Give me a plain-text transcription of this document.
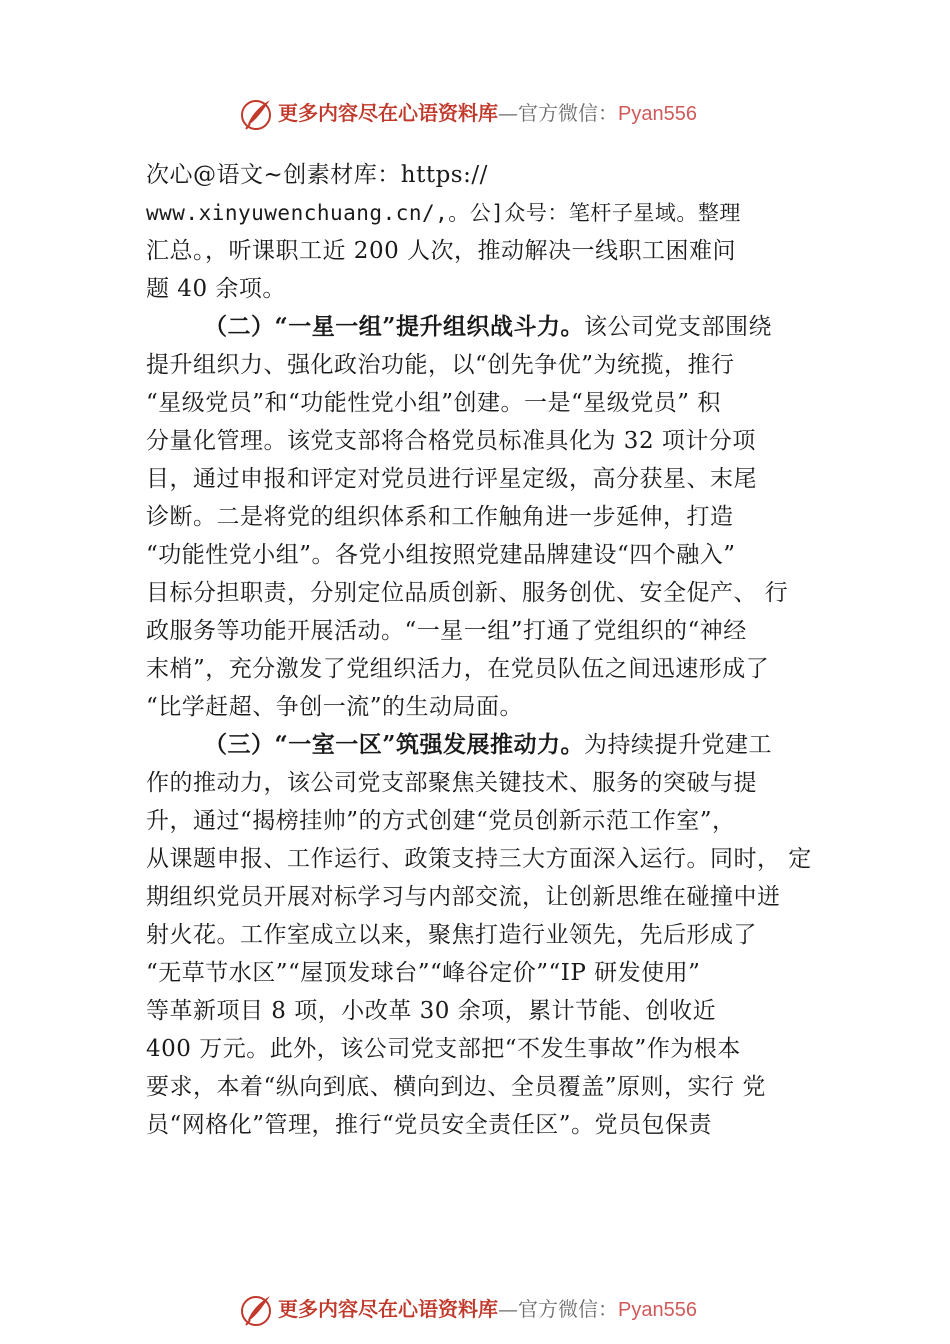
更多内容尽在心语资料库—官方微信：Pyan556
次心@语文~创素材库：https://
www.xinyuwenchuang.cn/,。公]众号：笔杆子星域。整理
汇总。，听课职工近 200 人次，推动解决一线职工困难问
题 40 余项。
（二）“一星一组”提升组织战斗力。该公司党支部围绕
提升组织力、强化政治功能，以“创先争优”为统揽，推行
“星级党员”和“功能性党小组”创建。一是“星级党员” 积
分量化管理。该党支部将合格党员标准具化为 32 项计分项
目，通过申报和评定对党员进行评星定级，高分获星、末尾
诊断。二是将党的组织体系和工作触角进一步延伸，打造
“功能性党小组”。各党小组按照党建品牌建设“四个融入”
目标分担职责，分别定位品质创新、服务创优、安全促产、 行
政服务等功能开展活动。“一星一组”打通了党组织的“神经
末梢”，充分激发了党组织活力，在党员队伍之间迅速形成了
“比学赶超、争创一流”的生动局面。
（三）“一室一区”筑强发展推动力。为持续提升党建工
作的推动力，该公司党支部聚焦关键技术、服务的突破与提
升，通过“揭榜挂帅”的方式创建“党员创新示范工作室”，
从课题申报、工作运行、政策支持三大方面深入运行。同时， 定
期组织党员开展对标学习与内部交流，让创新思维在碰撞中迸
射火花。工作室成立以来，聚焦打造行业领先，先后形成了
“无草节水区”“屋顶发球台”“峰谷定价”“IP 研发使用”
等革新项目 8 项，小改革 30 余项，累计节能、创收近
400 万元。此外，该公司党支部把“不发生事故”作为根本
要求，本着“纵向到底、横向到边、全员覆盖”原则，实行 党
员“网格化”管理，推行“党员安全责任区”。党员包保责
更多内容尽在心语资料库—官方微信：Pyan556
